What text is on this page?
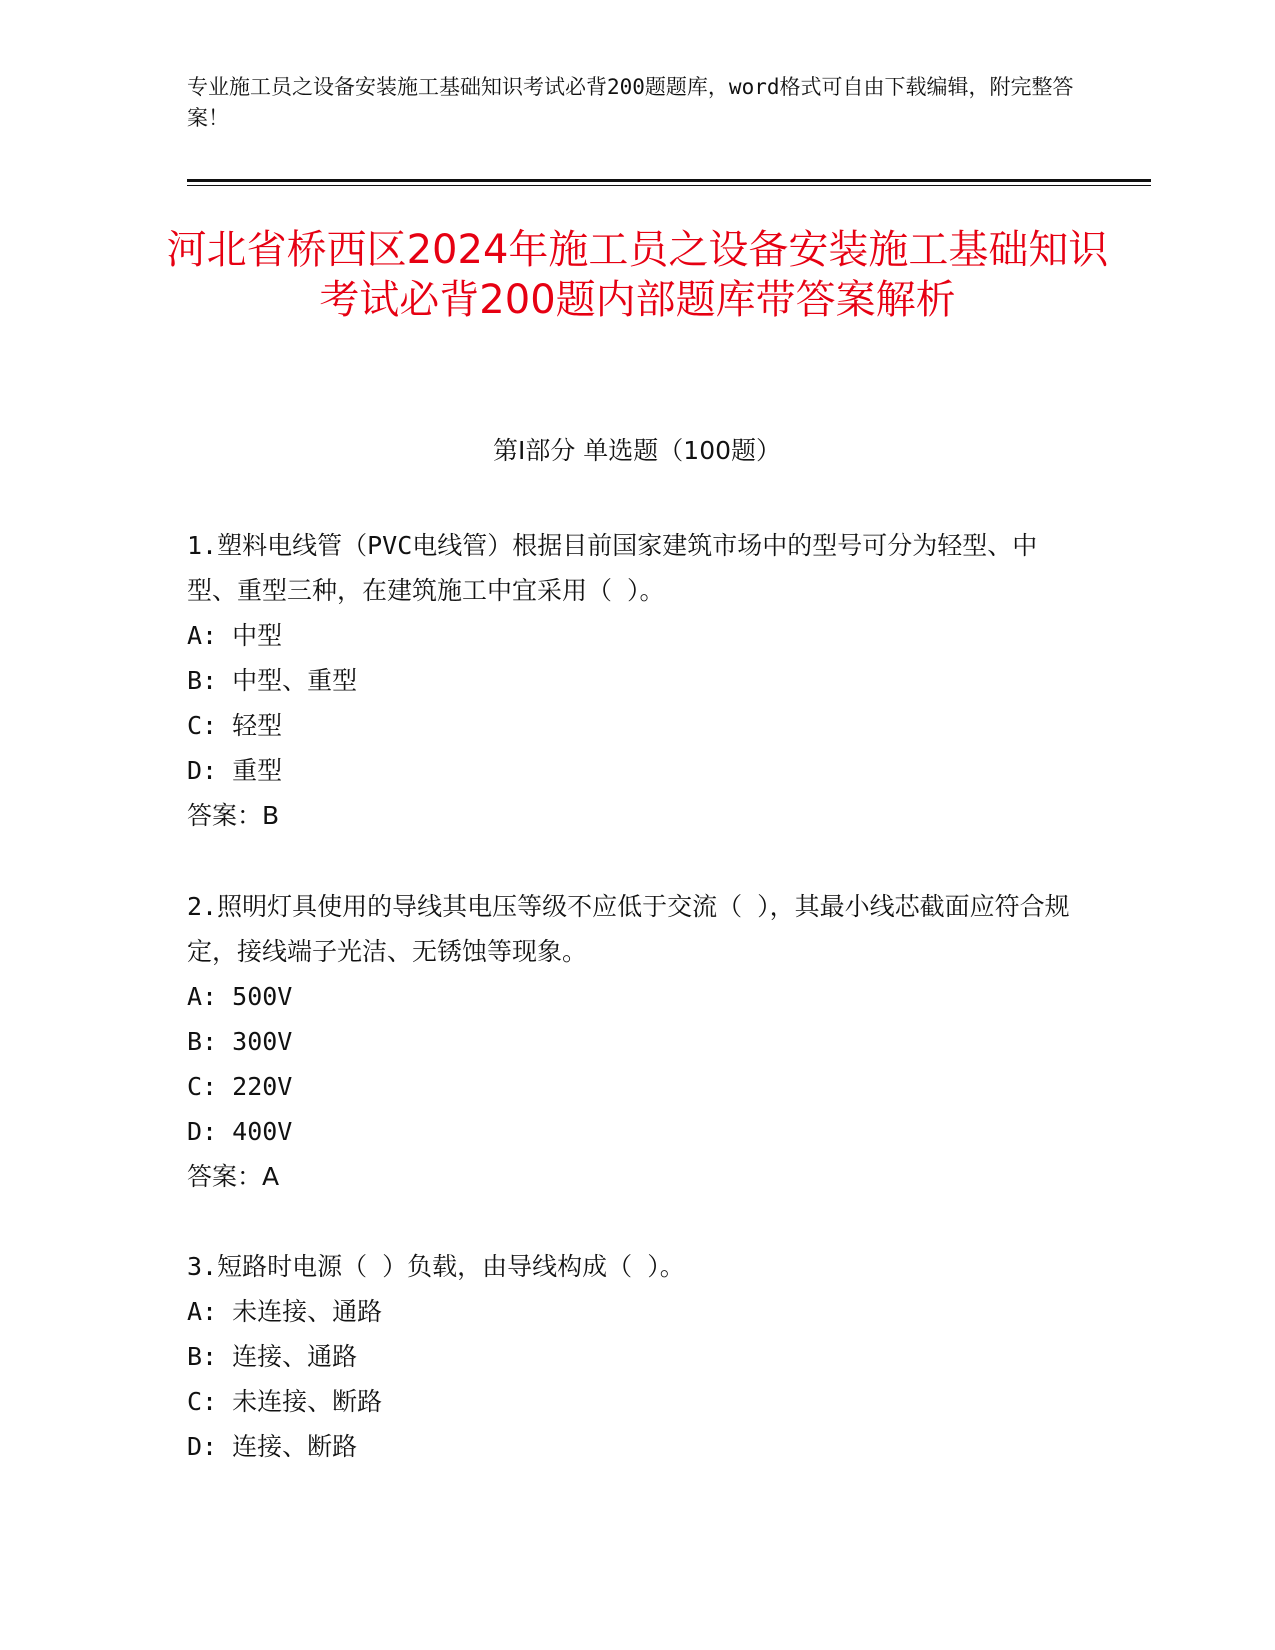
专业施工员之设备安装施工基础知识考试必背200题题库，word格式可自由下载编辑，附完整答案！
河北省桥西区2024年施工员之设备安装施工基础知识考试必背200题内部题库带答案解析
第I部分 单选题（100题）

1.塑料电线管（PVC电线管）根据目前国家建筑市场中的型号可分为轻型、中型、重型三种，在建筑施工中宜采用（ ）。

A: 中型

B: 中型、重型

C: 轻型

D: 重型

答案：B

2.照明灯具使用的导线其电压等级不应低于交流（ ），其最小线芯截面应符合规定，接线端子光洁、无锈蚀等现象。

A: 500V

B: 300V

C: 220V

D: 400V

答案：A

3.短路时电源（ ）负载，由导线构成（ ）。

A: 未连接、通路

B: 连接、通路

C: 未连接、断路

D: 连接、断路
